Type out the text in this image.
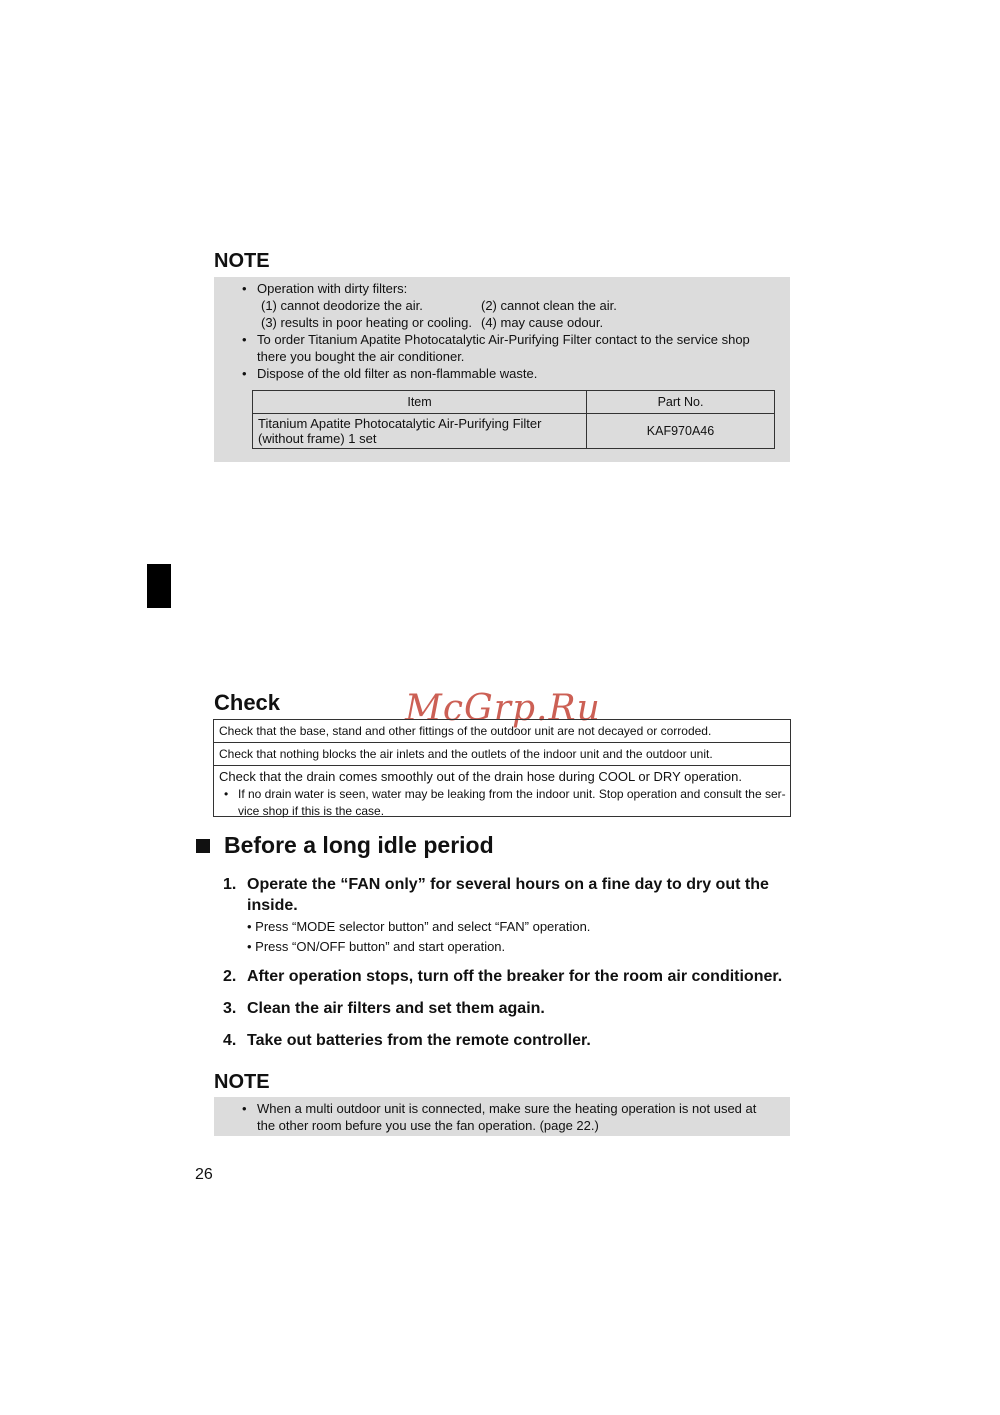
NOTE
• Operation with dirty filters:
(1) cannot deodorize the air.	(2) cannot clean the air.
(3) results in poor heating or cooling. (4) may cause odour.
• To order Titanium Apatite Photocatalytic Air-Purifying Filter contact to the service shop
there you bought the air conditioner.
• Dispose of the old filter as non-flammable waste.
Item	Part No.
Titanium Apatite Photocatalytic Air-Purifying Filter
(without frame) 1 set	KAF970A46
Check	McGrp.Ru
Check that the base, stand and other fittings of the outdoor unit are not decayed or corroded.
Check that nothing blocks the air inlets and the outlets of the indoor unit and the outdoor unit.
Check that the drain comes smoothly out of the drain hose during COOL or DRY operation.
• If no drain water is seen, water may be leaking from the indoor unit. Stop operation and consult the ser-
vice shop if this is the case.
Before a long idle period
1. Operate the “FAN only” for several hours on a fine day to dry out the inside.
• Press “MODE selector button” and select “FAN” operation.
• Press “ON/OFF button” and start operation.
2. After operation stops, turn off the breaker for the room air conditioner.
3. Clean the air filters and set them again.
4. Take out batteries from the remote controller.
NOTE
• When a multi outdoor unit is connected, make sure the heating operation is not used at
the other room befure you use the fan operation. (page 22.)
26
